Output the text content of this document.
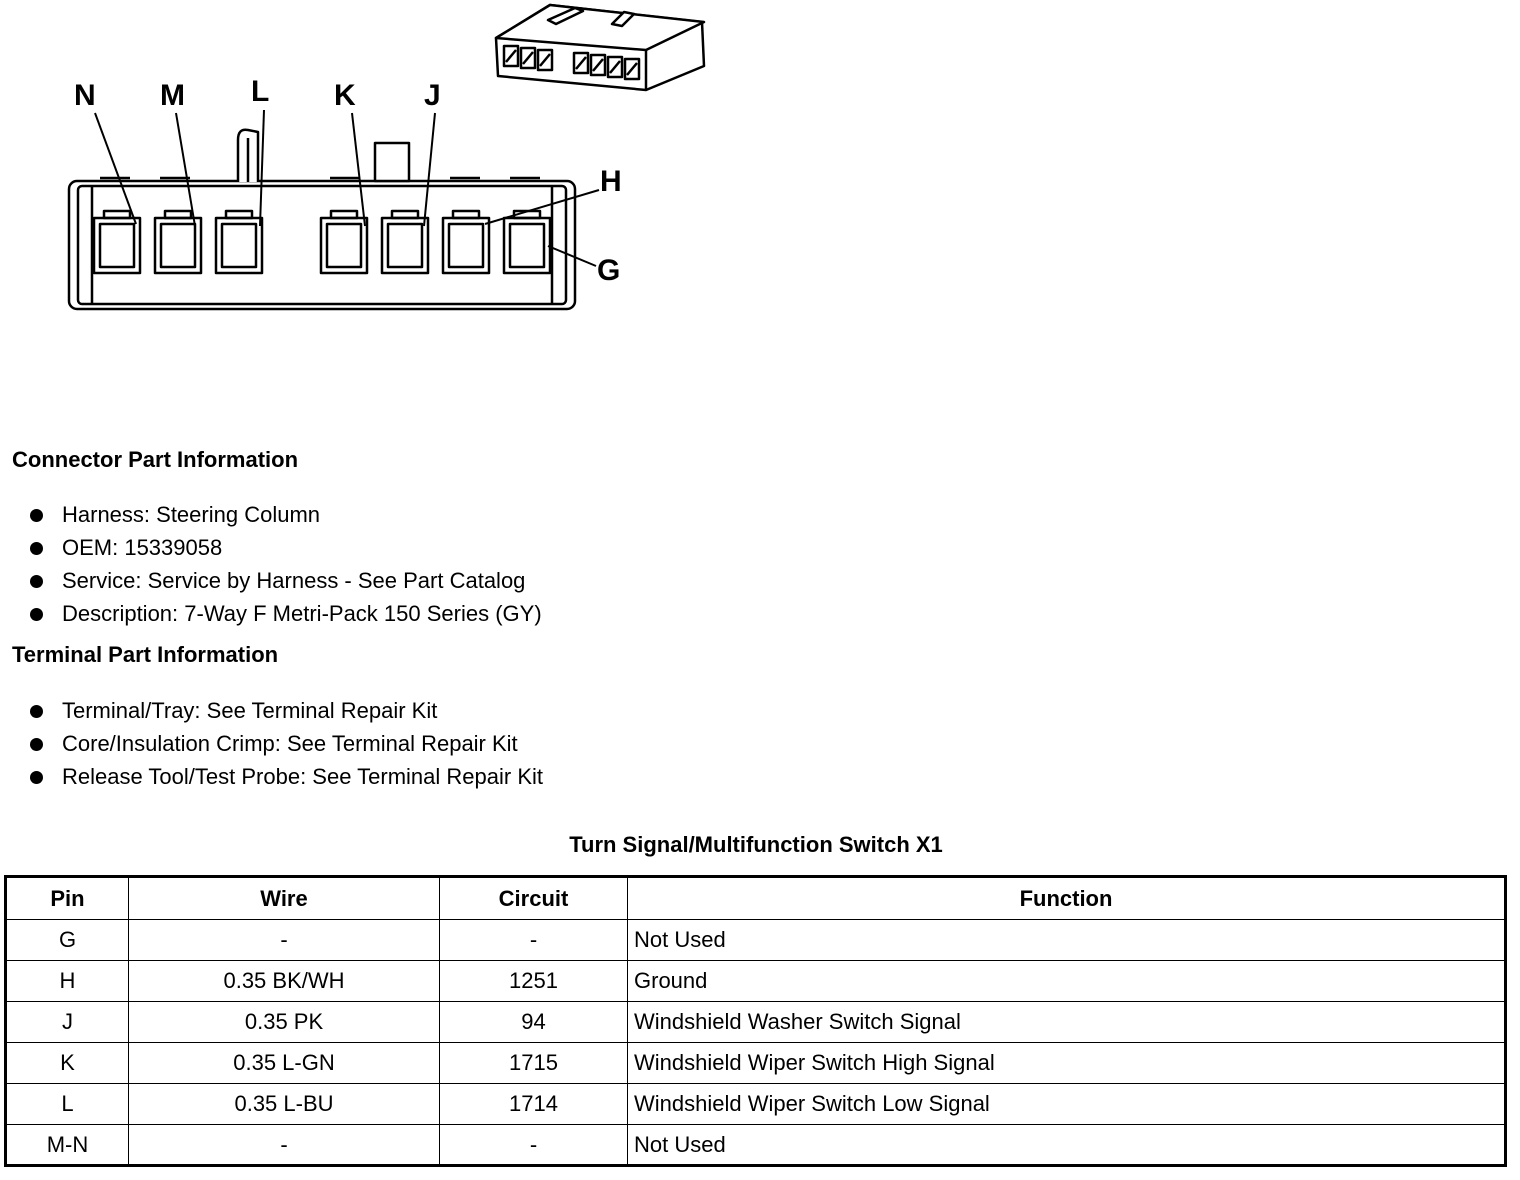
N M L K J
H
G
Connector Part Information
Harness: Steering Column
OEM: 15339058
Service: Service by Harness - See Part Catalog
Description: 7-Way F Metri-Pack 150 Series (GY)
Terminal Part Information
Terminal/Tray: See Terminal Repair Kit
Core/Insulation Crimp: See Terminal Repair Kit
Release Tool/Test Probe: See Terminal Repair Kit
Turn Signal/Multifunction Switch X1
Pin	Wire	Circuit	Function
G	-	-	Not Used
H	0.35 BK/WH	1251	Ground
J	0.35 PK	94	Windshield Washer Switch Signal
K	0.35 L-GN	1715	Windshield Wiper Switch High Signal
L	0.35 L-BU	1714	Windshield Wiper Switch Low Signal
M-N	-	-	Not Used
